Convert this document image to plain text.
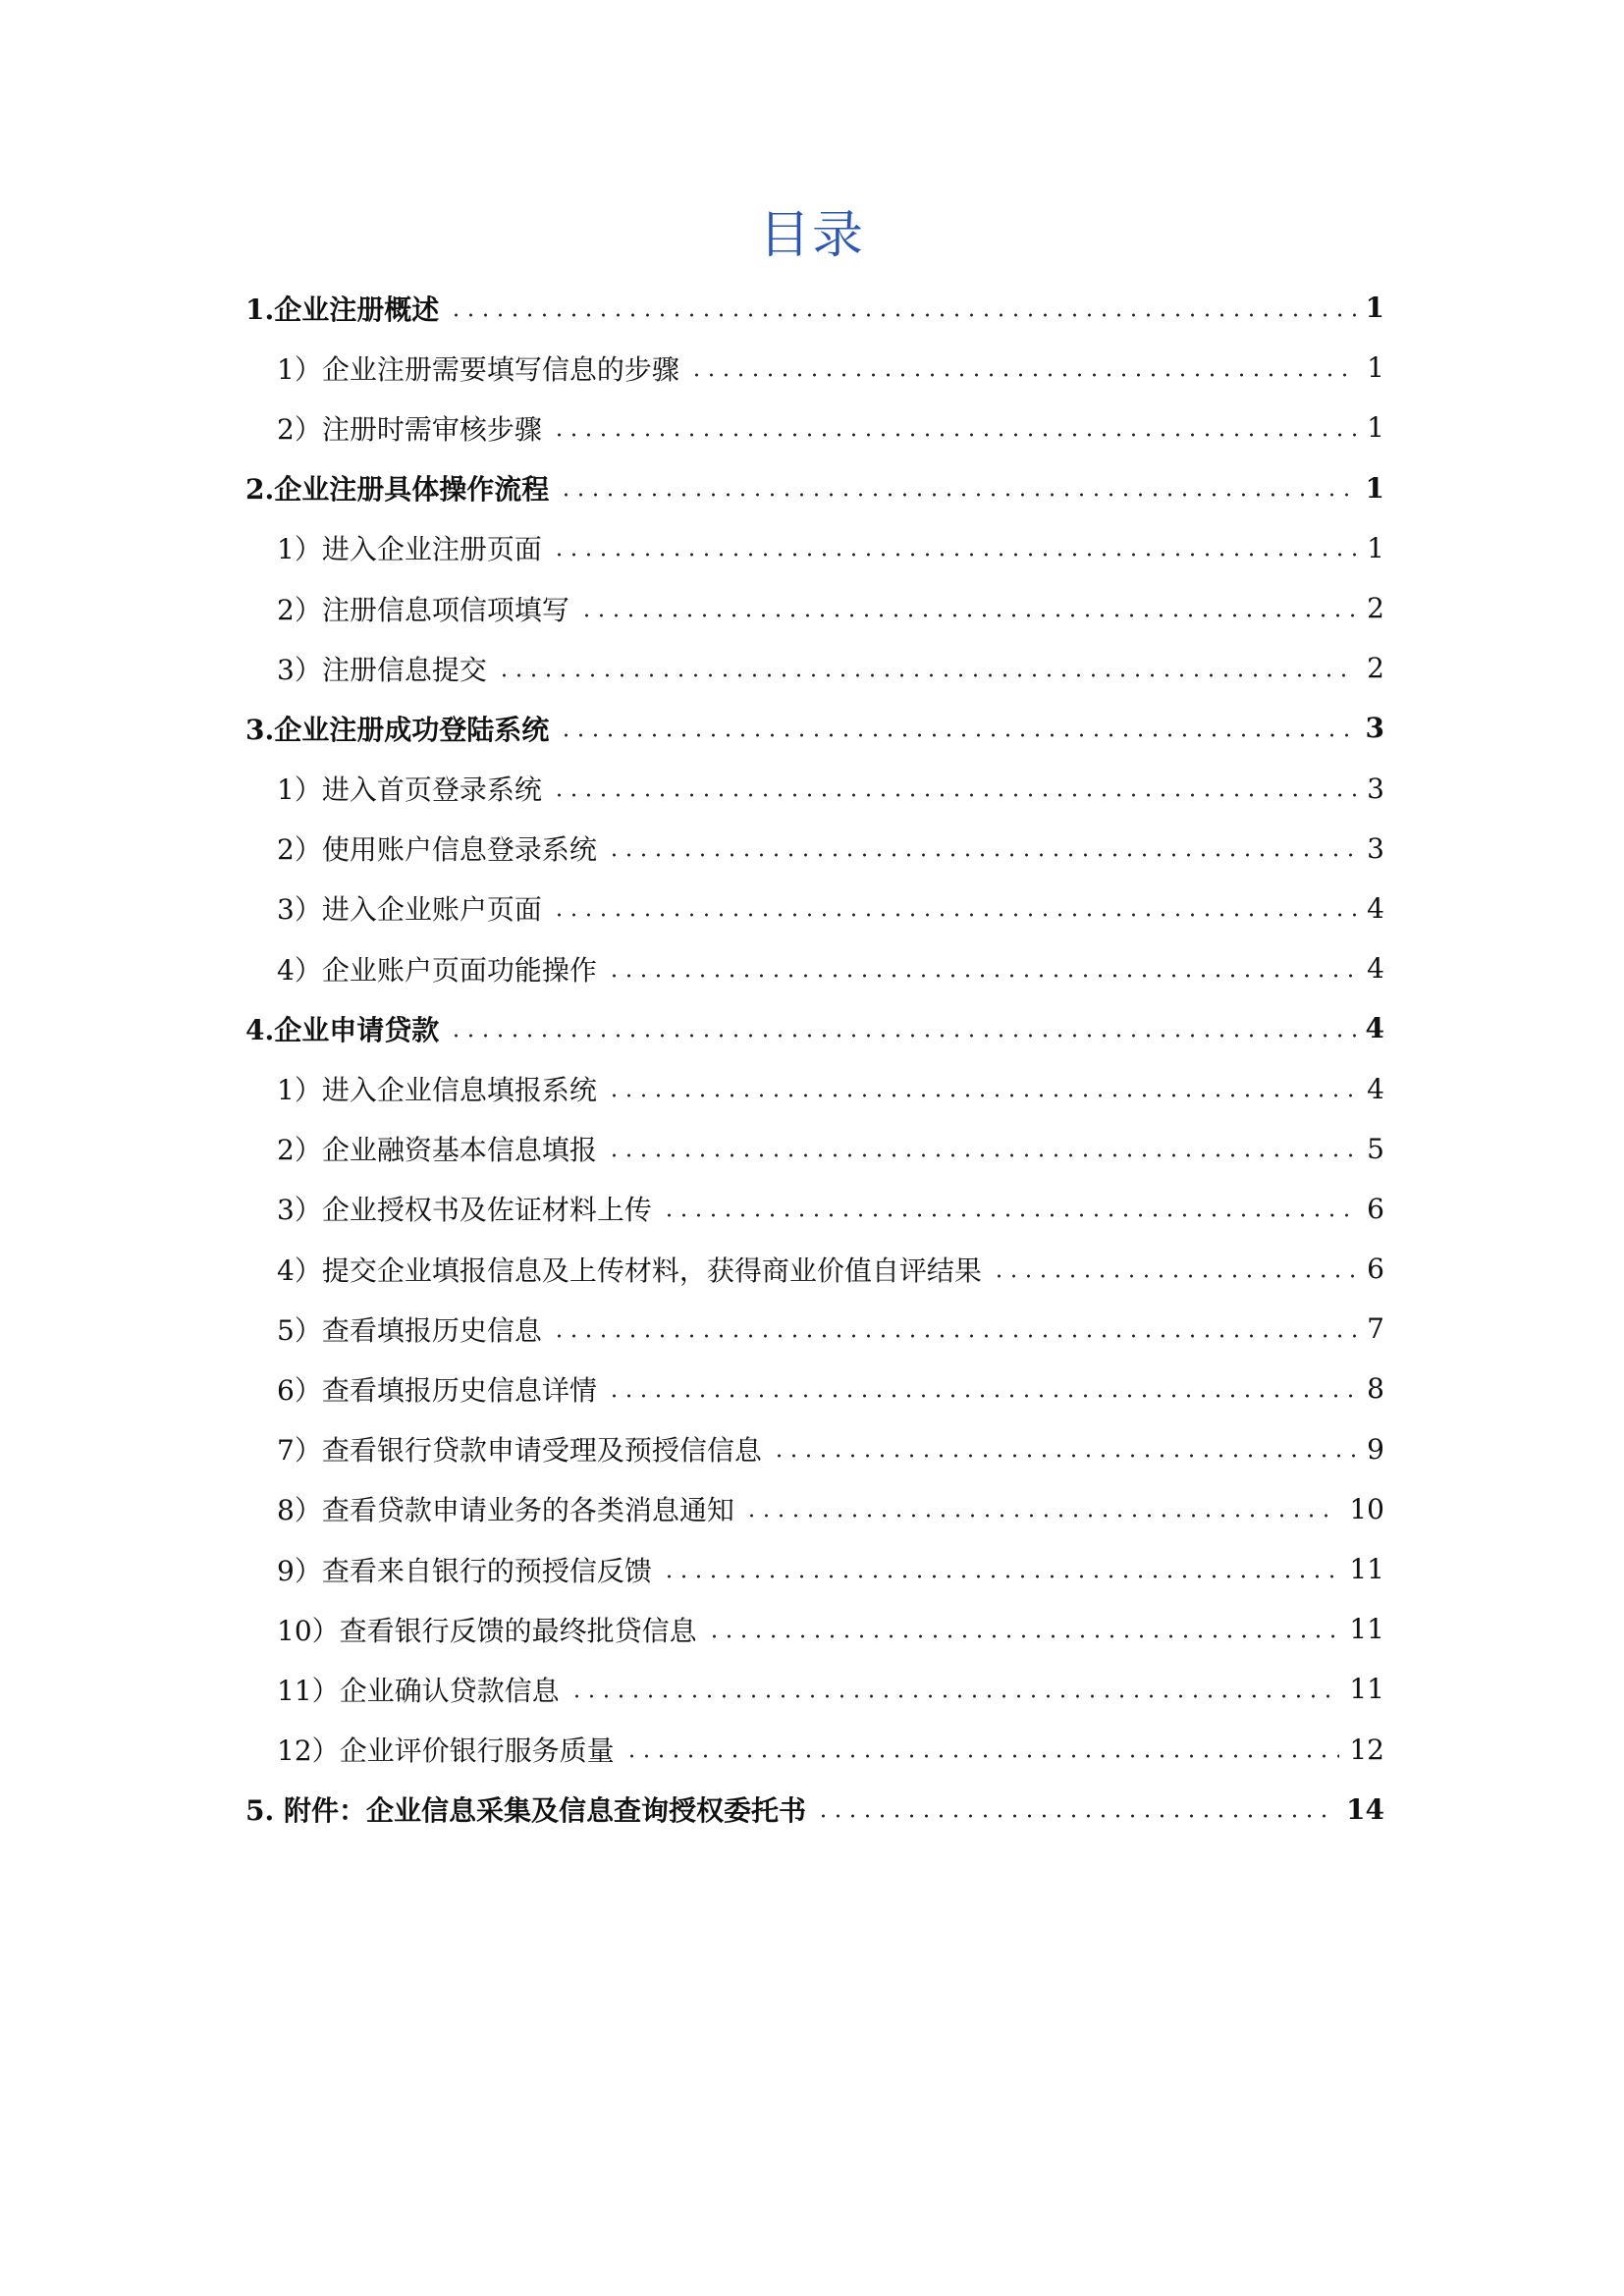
目录
1.企业注册概述	1
1）企业注册需要填写信息的步骤	1
2）注册时需审核步骤	1
2.企业注册具体操作流程	1
1）进入企业注册页面	1
2）注册信息项信项填写	2
3）注册信息提交	2
3.企业注册成功登陆系统	3
1）进入首页登录系统	3
2）使用账户信息登录系统	3
3）进入企业账户页面	4
4）企业账户页面功能操作	4
4.企业申请贷款	4
1）进入企业信息填报系统	4
2）企业融资基本信息填报	5
3）企业授权书及佐证材料上传	6
4）提交企业填报信息及上传材料，获得商业价值自评结果	6
5）查看填报历史信息	7
6）查看填报历史信息详情	8
7）查看银行贷款申请受理及预授信信息	9
8）查看贷款申请业务的各类消息通知	10
9）查看来自银行的预授信反馈	11
10）查看银行反馈的最终批贷信息	11
11）企业确认贷款信息	11
12）企业评价银行服务质量	12
5. 附件：企业信息采集及信息查询授权委托书	14
